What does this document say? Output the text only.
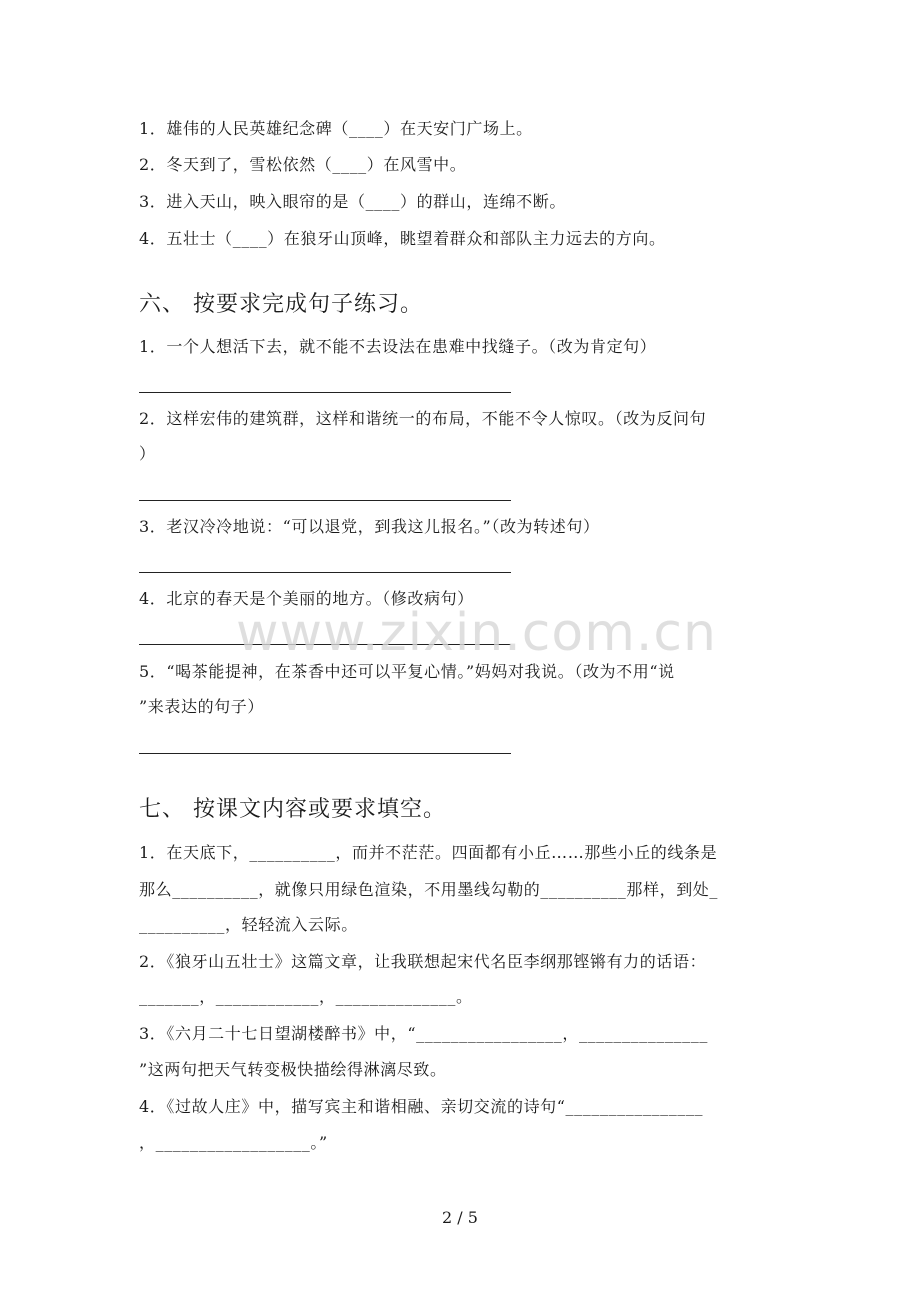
1．雄伟的人民英雄纪念碑（____）在天安门广场上。
2．冬天到了，雪松依然（____）在风雪中。
3．进入天山，映入眼帘的是（____）的群山，连绵不断。
4．五壮士（____）在狼牙山顶峰，眺望着群众和部队主力远去的方向。
六、 按要求完成句子练习。
1．一个人想活下去，就不能不去设法在患难中找缝子。（改为肯定句）
2．这样宏伟的建筑群，这样和谐统一的布局，不能不令人惊叹。（改为反问句
）
3．老汉冷冷地说：“可以退党，到我这儿报名。”（改为转述句）
4．北京的春天是个美丽的地方。（修改病句）
5．“喝茶能提神，在茶香中还可以平复心情。”妈妈对我说。（改为不用“说
”来表达的句子）
七、 按课文内容或要求填空。
1．在天底下，__________，而并不茫茫。四面都有小丘……那些小丘的线条是
那么__________，就像只用绿色渲染，不用墨线勾勒的__________那样，到处_
__________，轻轻流入云际。
2．《狼牙山五壮士》这篇文章，让我联想起宋代名臣李纲那铿锵有力的话语：
_______，____________，______________。
3．《六月二十七日望湖楼醉书》中，“_________________，_______________
”这两句把天气转变极快描绘得淋漓尽致。
4．《过故人庄》中，描写宾主和谐相融、亲切交流的诗句“________________
，__________________。”
www.zixin.com.cn
2 / 5
